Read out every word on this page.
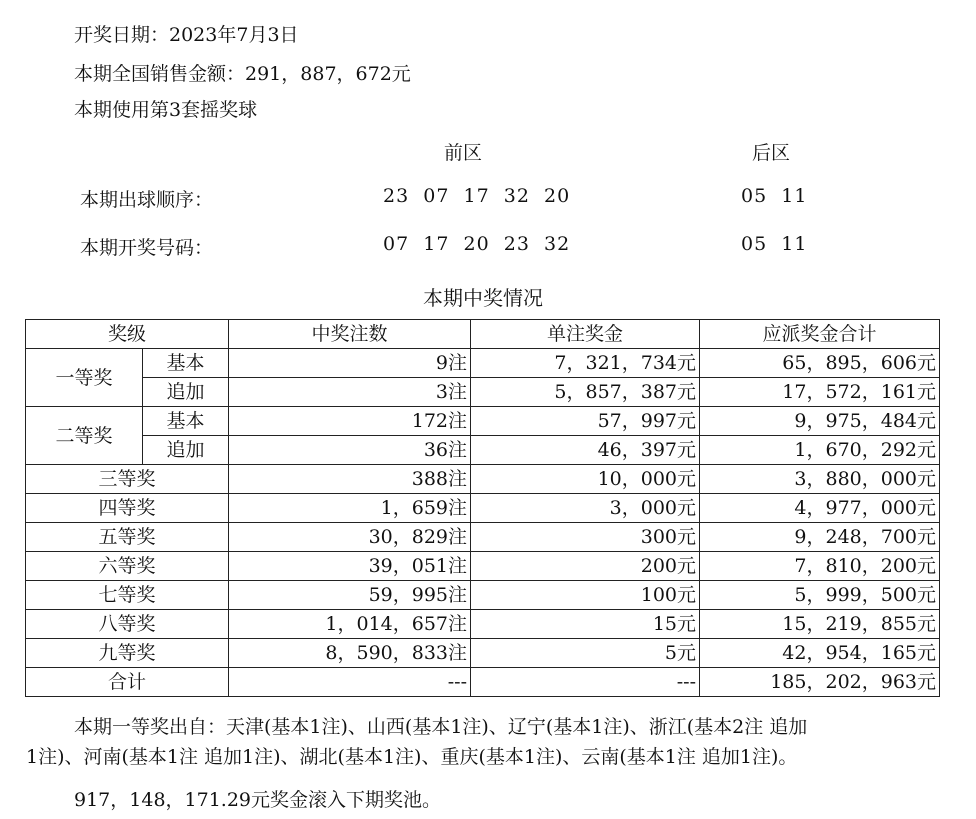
开奖日期：2023年7月3日
本期全国销售金额：291，887，672元
本期使用第3套摇奖球
前区	后区
本期出球顺序：	23  07  17  32  20	05  11
本期开奖号码：	07  17  20  23  32	05  11
本期中奖情况
奖级		中奖注数	单注奖金	应派奖金合计
一等奖	基本	9注	7，321，734元	65，895，606元
	追加	3注	5，857，387元	17，572，161元
二等奖	基本	172注	57，997元	9，975，484元
	追加	36注	46，397元	1，670，292元
三等奖		388注	10，000元	3，880，000元
四等奖		1，659注	3，000元	4，977，000元
五等奖		30，829注	300元	9，248，700元
六等奖		39，051注	200元	7，810，200元
七等奖		59，995注	100元	5，999，500元
八等奖		1，014，657注	15元	15，219，855元
九等奖		8，590，833注	5元	42，954，165元
合计		---	---	185，202，963元
本期一等奖出自：天津(基本1注)、山西(基本1注)、辽宁(基本1注)、浙江(基本2注 追加
1注)、河南(基本1注 追加1注)、湖北(基本1注)、重庆(基本1注)、云南(基本1注 追加1注)。
917，148，171.29元奖金滚入下期奖池。
